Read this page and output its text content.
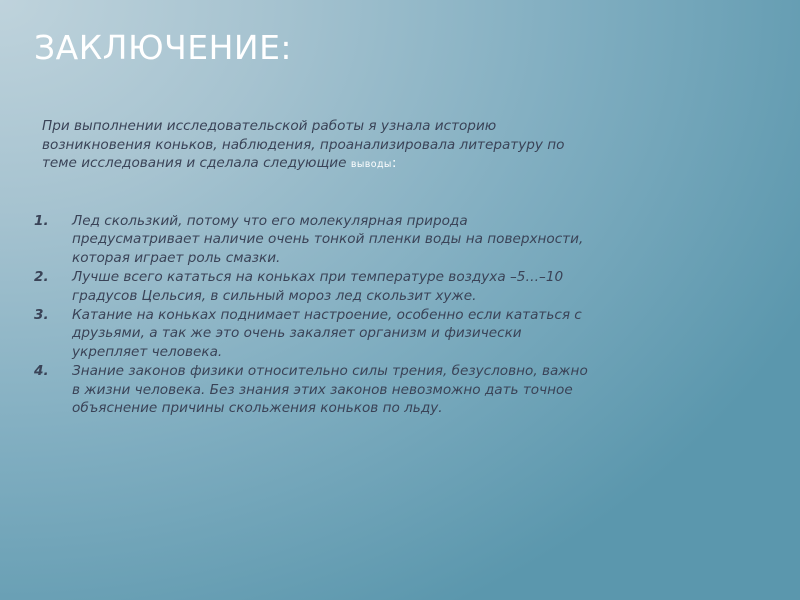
ЗАКЛЮЧЕНИЕ:

При выполнении исследовательской работы я узнала историю возникновения коньков, наблюдения, проанализировала литературу по теме исследования и сделала следующие выводы:

1. Лед скользкий, потому что его молекулярная природа предусматривает наличие очень тонкой пленки воды на поверхности, которая играет роль смазки.
2. Лучше всего кататься на коньках при температуре воздуха –5…–10 градусов Цельсия, в сильный мороз лед скользит хуже.
3. Катание на коньках поднимает настроение, особенно если кататься с друзьями, а так же это очень закаляет организм и физически укрепляет человека.
4. Знание законов физики относительно силы трения, безусловно, важно в жизни человека. Без знания этих законов невозможно дать точное объяснение причины скольжения коньков по льду.
